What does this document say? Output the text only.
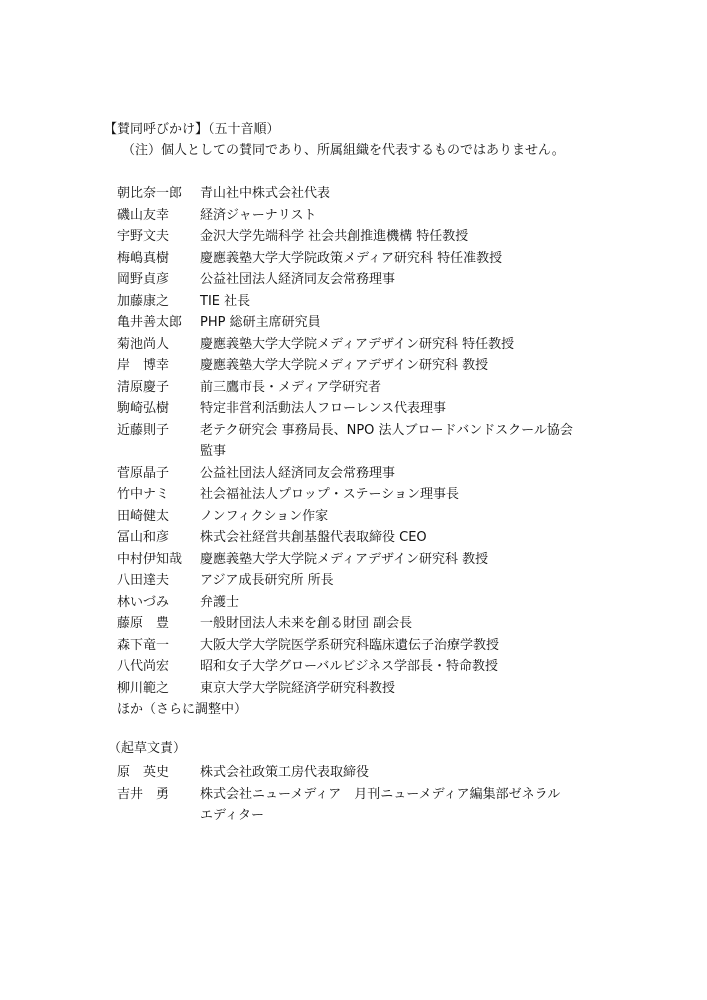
【賛同呼びかけ】（五十音順）
（注）個人としての賛同であり、所属組織を代表するものではありません。
朝比奈一郎	青山社中株式会社代表
磯山友幸	経済ジャーナリスト
宇野文夫	金沢大学先端科学 社会共創推進機構 特任教授
梅嶋真樹	慶應義塾大学大学院政策メディア研究科 特任准教授
岡野貞彦	公益社団法人経済同友会常務理事
加藤康之	TIE 社長
亀井善太郎	PHP 総研主席研究員
菊池尚人	慶應義塾大学大学院メディアデザイン研究科 特任教授
岸　博幸	慶應義塾大学大学院メディアデザイン研究科 教授
清原慶子	前三鷹市長・メディア学研究者
駒崎弘樹	特定非営利活動法人フローレンス代表理事
近藤則子	老テク研究会 事務局長、NPO 法人ブロードバンドスクール協会
監事
菅原晶子	公益社団法人経済同友会常務理事
竹中ナミ	社会福祉法人プロップ・ステーション理事長
田崎健太	ノンフィクション作家
冨山和彦	株式会社経営共創基盤代表取締役 CEO
中村伊知哉	慶應義塾大学大学院メディアデザイン研究科 教授
八田達夫	アジア成長研究所 所長
林いづみ	弁護士
藤原　豊	一般財団法人未来を創る財団 副会長
森下竜一	大阪大学大学院医学系研究科臨床遺伝子治療学教授
八代尚宏	昭和女子大学グローバルビジネス学部長・特命教授
柳川範之	東京大学大学院経済学研究科教授
ほか（さらに調整中）
（起草文責）
原　英史	株式会社政策工房代表取締役
吉井　勇	株式会社ニューメディア　月刊ニューメディア編集部ゼネラル
エディター
